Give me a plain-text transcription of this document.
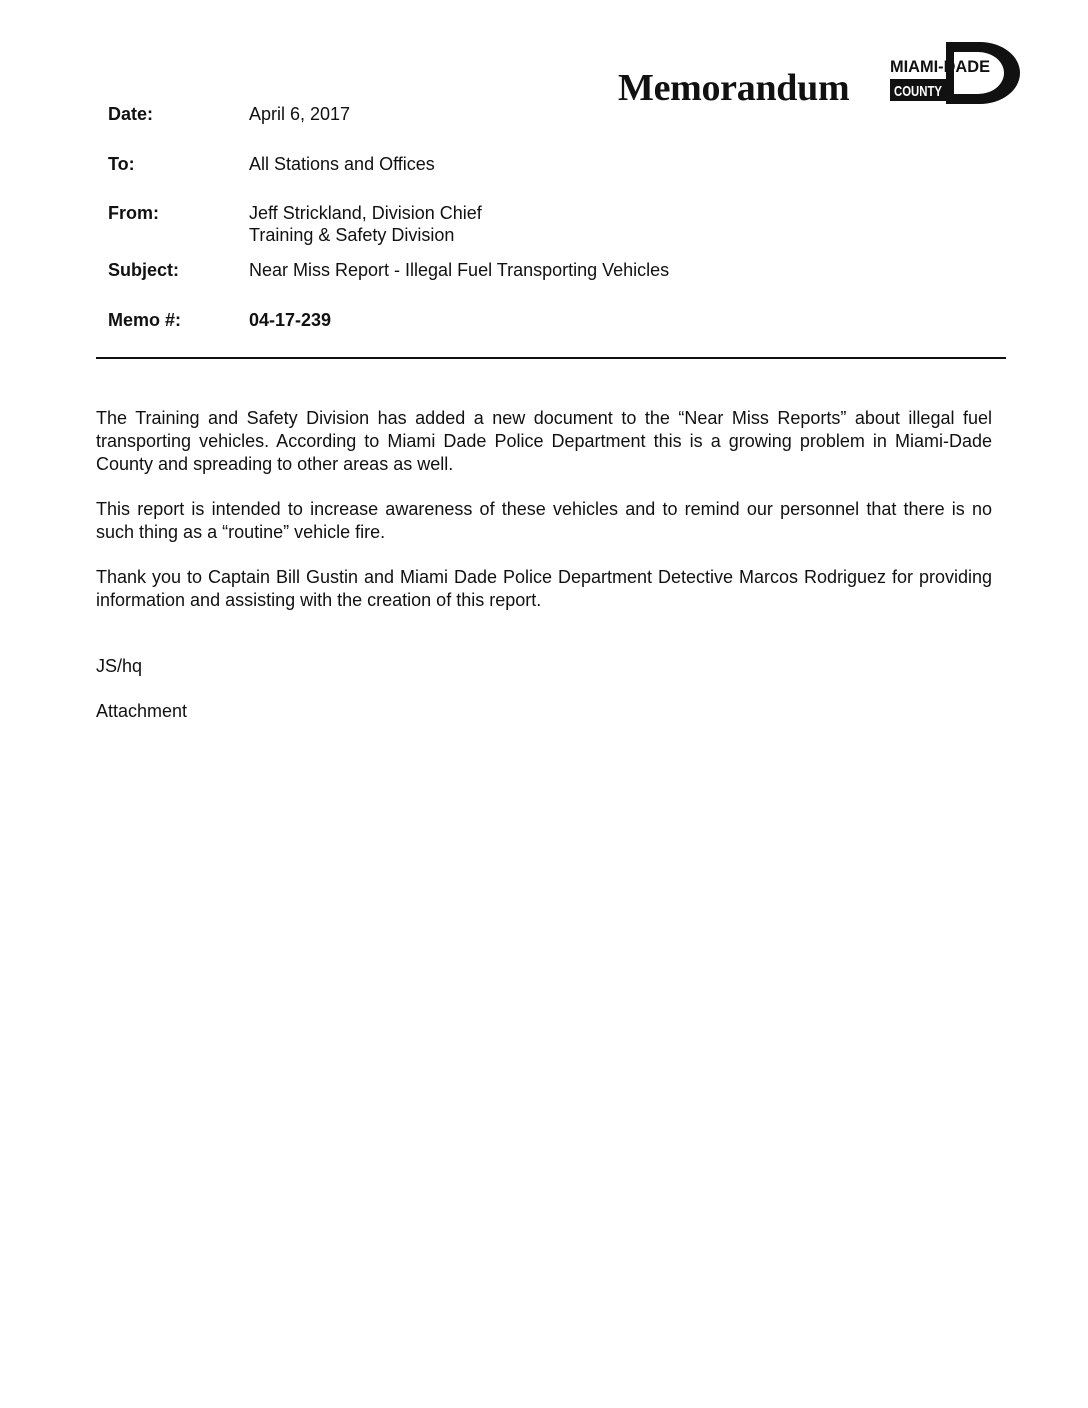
Memorandum
MIAMI-DADE
COUNTY
Date:	April 6, 2017
To:	All Stations and Offices
From:	Jeff Strickland, Division Chief
Training & Safety Division
Subject:	Near Miss Report - Illegal Fuel Transporting Vehicles
Memo #:	04-17-239

The Training and Safety Division has added a new document to the “Near Miss Reports” about illegal fuel transporting vehicles. According to Miami Dade Police Department this is a growing problem in Miami-Dade County and spreading to other areas as well.

This report is intended to increase awareness of these vehicles and to remind our personnel that there is no such thing as a “routine” vehicle fire.

Thank you to Captain Bill Gustin and Miami Dade Police Department Detective Marcos Rodriguez for providing information and assisting with the creation of this report.

JS/hq
Attachment
